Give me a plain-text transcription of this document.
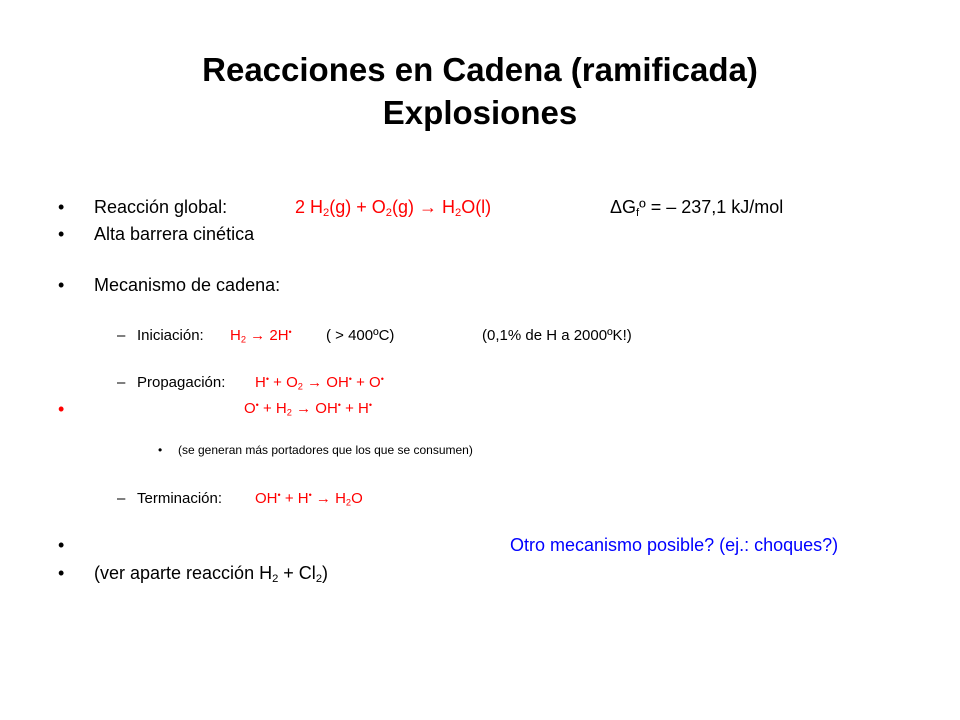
Reacciones en Cadena (ramificada)
Explosiones
• Reacción global:	2 $H_2(g) + O_2(g) \to H_2O(l)$	$\Delta G_fº$ = – 237,1 kJ/mol
• Alta barrera cinética
• Mecanismo de cadena:
– Iniciación: $H_2 \to 2H^•$ ( > 400ºC)	(0,1% de H a 2000ºK!)
– Propagación: $H^• + O_2 \to OH^• + O^•$
•	$O^• + H_2 \to OH^• + H^•$
• (se generan más portadores que los que se consumen)
– Terminación: $OH^• + H^• \to H_2O$
•	Otro mecanismo posible? (ej.: choques?)
• (ver aparte reacción $H_2 + Cl_2$)
